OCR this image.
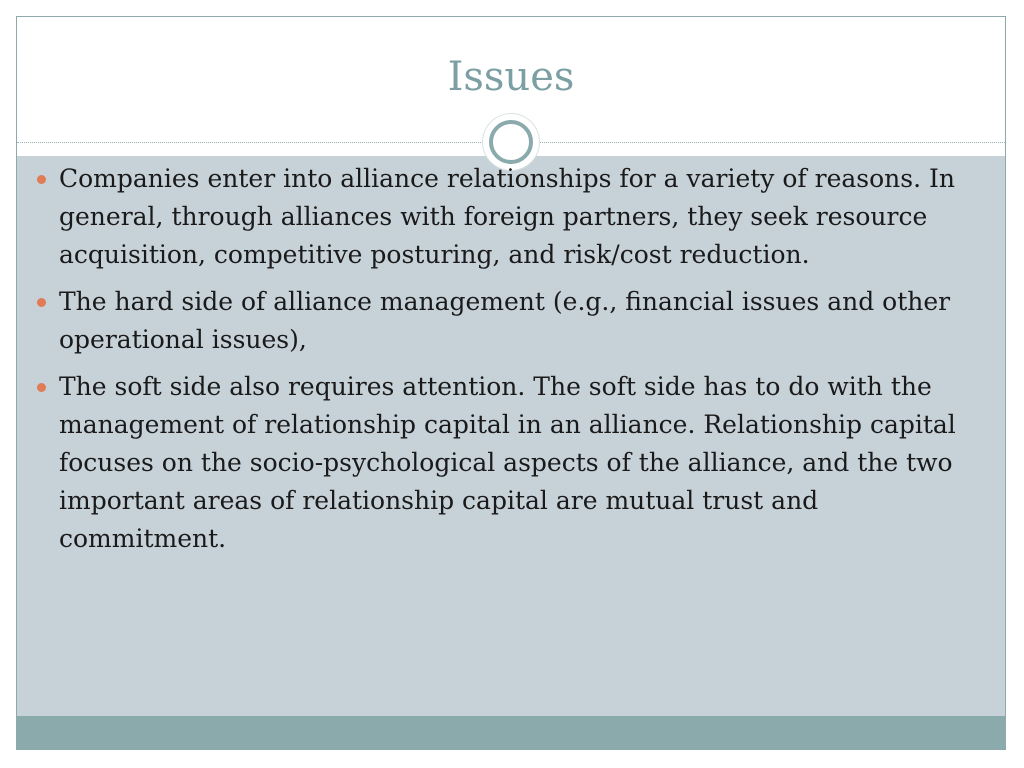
Issues
Companies enter into alliance relationships for a variety of reasons. In general, through alliances with foreign partners, they seek resource acquisition, competitive posturing, and risk/cost reduction.
The hard side of alliance management (e.g., financial issues and other operational issues),
The soft side also requires attention. The soft side has to do with the management of relationship capital in an alliance. Relationship capital focuses on the socio-psychological aspects of the alliance, and the two important areas of relationship capital are mutual trust and commitment.
